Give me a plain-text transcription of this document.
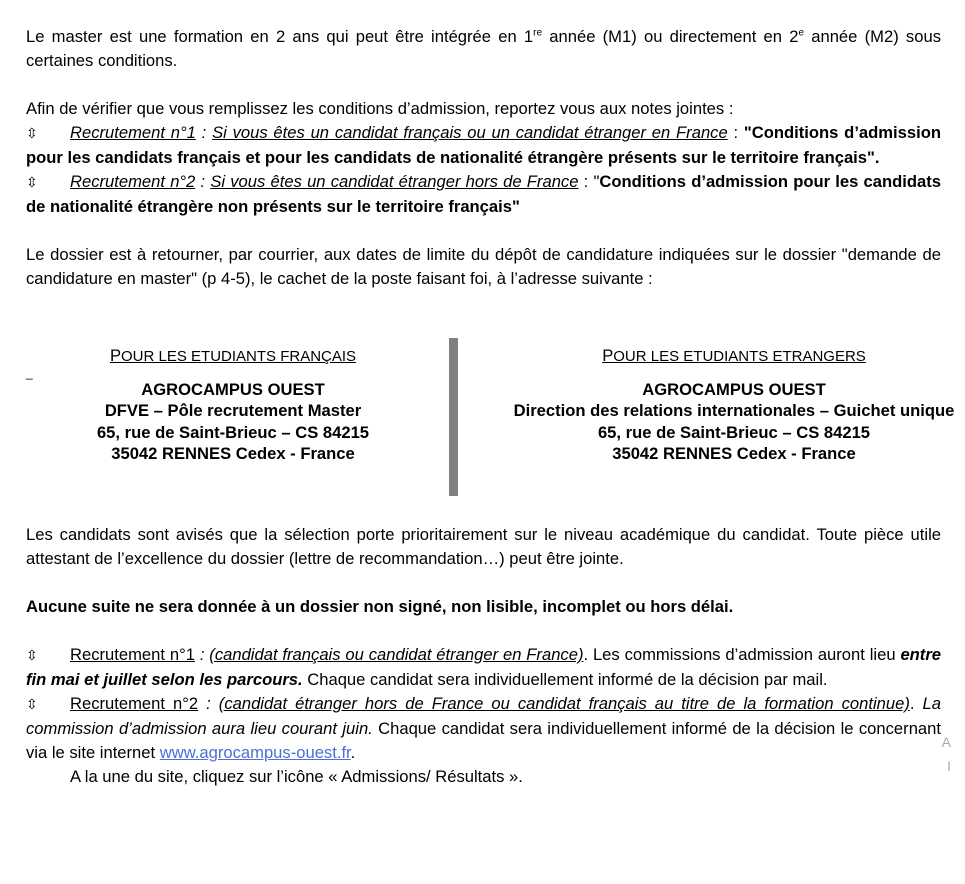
Le master est une formation en 2 ans qui peut être intégrée en 1re année (M1) ou directement en 2e année (M2) sous certaines conditions.

Afin de vérifier que vous remplissez les conditions d’admission, reportez vous aux notes jointes :

⇳ Recrutement n°1 : Si vous êtes un candidat français ou un candidat étranger en France : "Conditions d’admission pour les candidats français et pour les candidats de nationalité étrangère présents sur le territoire français".

⇳ Recrutement n°2 : Si vous êtes un candidat étranger hors de France : "Conditions d’admission pour les candidats de nationalité étrangère non présents sur le territoire français"

Le dossier est à retourner, par courrier, aux dates de limite du dépôt de candidature indiquées sur le dossier "demande de candidature en master" (p 4-5), le cachet de la poste faisant foi, à l’adresse suivante :

_
POUR LES ETUDIANTS FRANÇAIS
AGROCAMPUS OUEST
DFVE – Pôle recrutement Master
65, rue de Saint-Brieuc – CS 84215
35042 RENNES Cedex - France
POUR LES ETUDIANTS ETRANGERS
AGROCAMPUS OUEST
Direction des relations internationales – Guichet unique
65, rue de Saint-Brieuc – CS 84215
35042 RENNES Cedex - France

Les candidats sont avisés que la sélection porte prioritairement sur le niveau académique du candidat. Toute pièce utile attestant de l’excellence du dossier (lettre de recommandation…) peut être jointe.

Aucune suite ne sera donnée à un dossier non signé, non lisible, incomplet ou hors délai.

⇳ Recrutement n°1 : (candidat français ou candidat étranger en France). Les commissions d’admission auront lieu entre fin mai et juillet selon les parcours. Chaque candidat sera individuellement informé de la décision par mail.

⇳ Recrutement n°2 : (candidat étranger hors de France ou candidat français au titre de la formation continue). La commission d’admission aura lieu courant juin. Chaque candidat sera individuellement informé de la décision le concernant via le site internet www.agrocampus-ouest.fr.

A la une du site, cliquez sur l’icône « Admissions/ Résultats ».

A
I
